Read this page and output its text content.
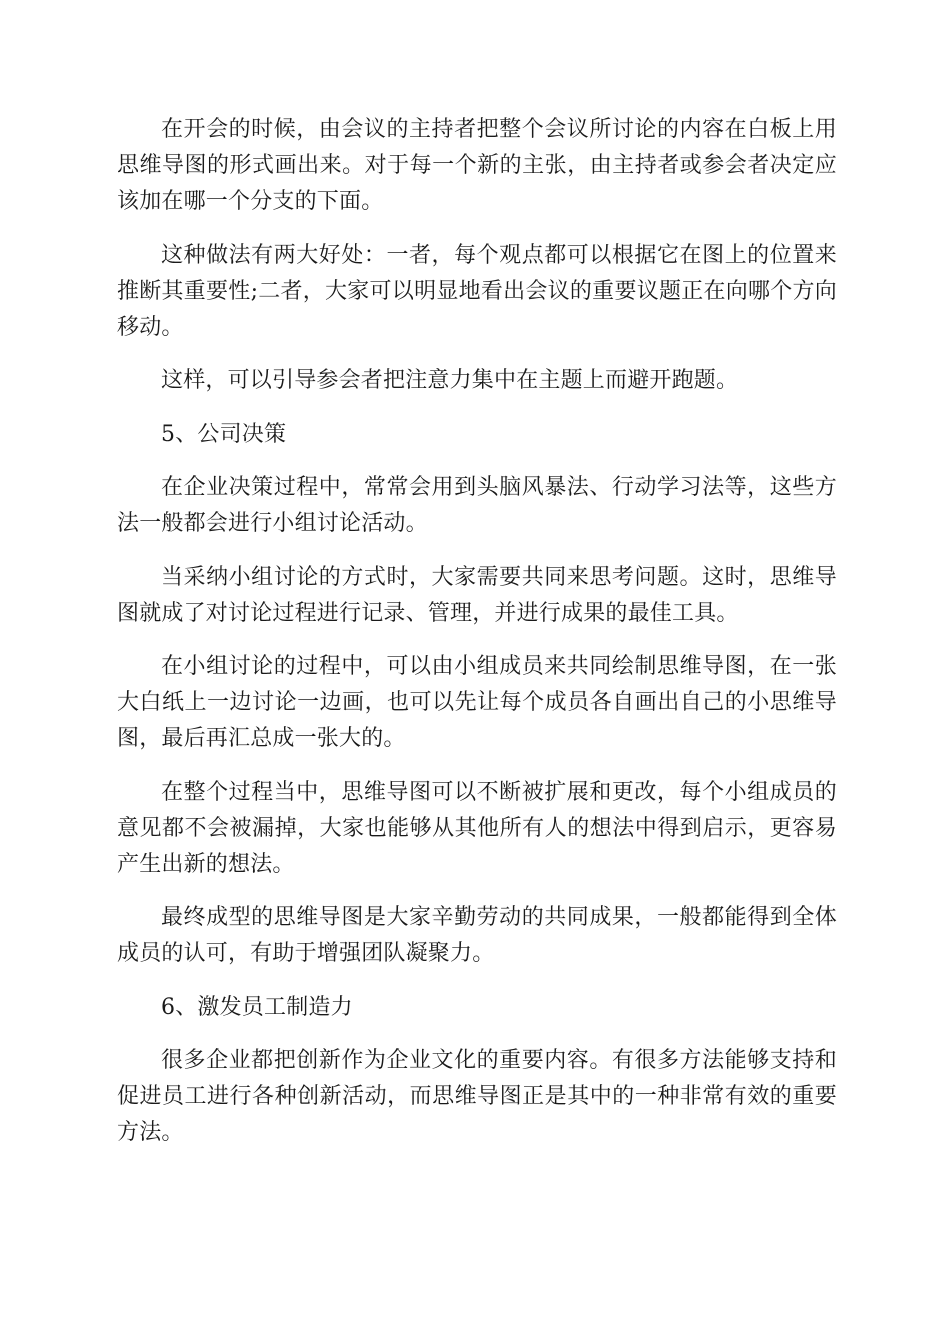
在开会的时候，由会议的主持者把整个会议所讨论的内容在白板上用思维导图的形式画出来。对于每一个新的主张，由主持者或参会者决定应该加在哪一个分支的下面。

这种做法有两大好处：一者，每个观点都可以根据它在图上的位置来推断其重要性;二者，大家可以明显地看出会议的重要议题正在向哪个方向移动。

这样，可以引导参会者把注意力集中在主题上而避开跑题。

5、公司决策

在企业决策过程中，常常会用到头脑风暴法、行动学习法等，这些方法一般都会进行小组讨论活动。

当采纳小组讨论的方式时，大家需要共同来思考问题。这时，思维导图就成了对讨论过程进行记录、管理，并进行成果的最佳工具。

在小组讨论的过程中，可以由小组成员来共同绘制思维导图，在一张大白纸上一边讨论一边画，也可以先让每个成员各自画出自己的小思维导图，最后再汇总成一张大的。

在整个过程当中，思维导图可以不断被扩展和更改，每个小组成员的意见都不会被漏掉，大家也能够从其他所有人的想法中得到启示，更容易产生出新的想法。

最终成型的思维导图是大家辛勤劳动的共同成果，一般都能得到全体成员的认可，有助于增强团队凝聚力。

6、激发员工制造力

很多企业都把创新作为企业文化的重要内容。有很多方法能够支持和促进员工进行各种创新活动，而思维导图正是其中的一种非常有效的重要方法。
